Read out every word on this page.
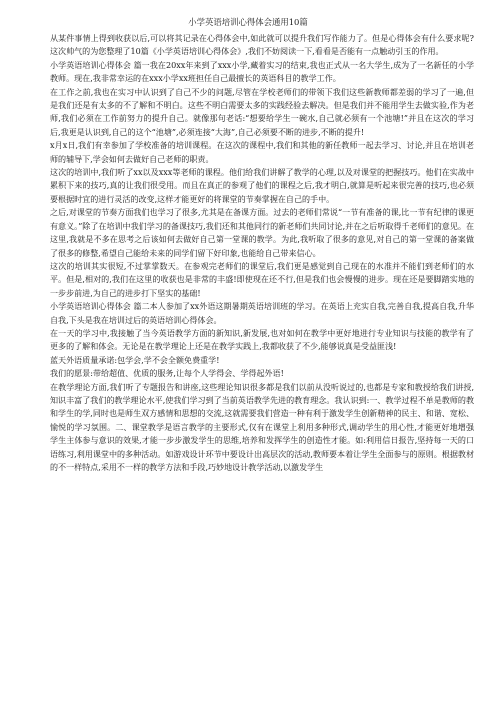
小学英语培训心得体会通用10篇

从某件事情上得到收获以后,可以将其记录在心得体会中,如此就可以提升我们写作能力了。但是心得体会有什么要求呢?这次帅气的为您整理了10篇《小学英语培训心得体会》,我们不妨阅读一下,看看是否能有一点触动引玉的作用。

小学英语培训心得体会 篇一我在20xx年来到了xxx小学,藏着实习的结束,我也正式从一名大学生,成为了一名新任的小学教师。现在,我非常幸运的在xxx小学xx班担任自己最擅长的英语科目的教学工作。

在工作之前,我也在实习中认识到了自己不少的问题,尽管在学校老师们的带领下我们这些新教师都差弱的学习了一遍,但是我们还是有太多的不了解和不明白。这些不明白需要太多的实践经验去解决。但是我们并不能用学生去做实验,作为老师,我们必须在工作前努力的提升自己。就像那句老话:“想要给学生一碗水,自己就必须有一个池塘!”并且在这次的学习后,我更是认识到,自己的这个“池塘”,必须连接“大海”,自己必须要不断的进步,不断的提升!

x月x日,我们有幸参加了学校准备的培训课程。在这次的课程中,我们和其他的新任教师一起去学习、讨论,并且在培训老师的辅导下,学会如何去做好自己老师的职责。

这次的培训中,我们听了xx以及xxx等老师的课程。他们给我们讲解了教学的心理,以及对课堂的把握技巧。他们在实战中累积下来的技巧,真的让我们很受用。而且在真正的参观了他们的课程之后,我才明白,就算是听起来很完善的技巧,也必须要根据时宜的进行灵活的改变,这样才能更好的将课堂的节奏掌握在自己的手中。

之后,对课堂的节奏方面我们也学习了很多,尤其是在备课方面。过去的老师们常说“一节有准备的课,比一节有纪律的课更有意义。”除了在培训中我们学习的备课技巧,我们还和其他同行的新老师们共同讨论,并在之后听取得千老师们的意见。在这里,我就是不多在思考之后该如何去做好自己第一堂课的教学。为此,我听取了很多的意见,对自己的第一堂课的备案做了很多的修整,希望自己能给未来的同学们留下好印象,也能给自己带来信心。

这次的培训其实很短,不过掌掌数天。在参观完老师们的课堂后,我们更是感觉到自己现在的水准并不能们到老师们的水平。但是,相对的,我们在这里的收获也是非常的丰盛!即使现在还不行,但是我们也会慢慢的进步。现在还是要脚踏实地的一步步前进,为自己的进步打下坚实的基础!

小学英语培训心得体会 篇二本人参加了xx外语这期暑期英语培训班的学习。在英语上充实自我,完善自我,提高自我,升华自我,下头是我在培训过后的英语培训心得体会。

在一天的学习中,我接触了当今英语教学方面的新知识,新发展,也对如何在教学中更好地进行专业知识与技能的教学有了更多的了解和体会。无论是在教学理论上还是在教学实践上,我都收获了不少,能够说真是受益匪浅!

蓝天外语质量承诺:包学会,学不会全额免费重学!

我们的愿景:带给超值、优质的服务,让每个人学得会、学得起外语!

在教学理论方面,我们听了专题报告和讲座,这些理论知识很多都是我们以前从没听说过的,也都是专家和教授给我们讲授,知识丰富了我们的教学理论水平,使我们学习到了当前英语教学先进的教育理念。我认识到:一、教学过程不单是教师的教和学生的学,同时也是师生双方感情和思想的交流,这就需要我们营造一种有利于激发学生创新精神的民主、和谐、宽松、愉悦的学习氛围。二、课堂教学是语言教学的主要形式,仅有在课堂上利用多种形式,调动学生的用心性,才能更好地增强学生主体参与意识的效果,才能一步步激发学生的思维,培养和发挥学生的创造性才能。如:利用信日报告,坚持每一天的口语练习,利用课堂中的多种活动。如游戏设计环节中要设计出高层次的活动,教师要本着让学生全面参与的原则。根据教材的不一样特点,采用不一样的教学方法和手段,巧妙地设计教学活动,以激发学生
